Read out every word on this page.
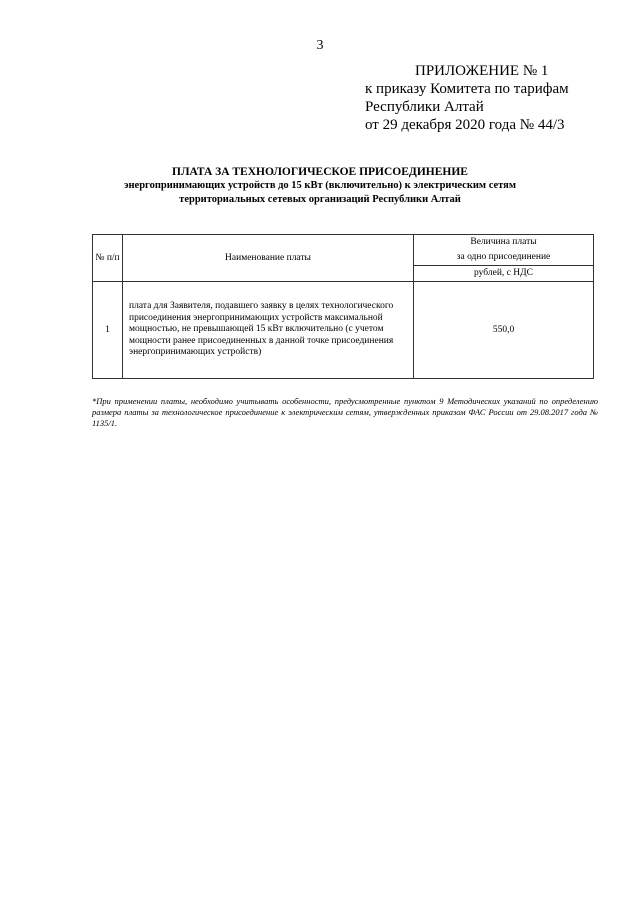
3
ПРИЛОЖЕНИЕ № 1
к приказу Комитета по тарифам
Республики Алтай
от 29 декабря 2020 года № 44/3
ПЛАТА ЗА ТЕХНОЛОГИЧЕСКОЕ ПРИСОЕДИНЕНИЕ
энергопринимающих устройств до 15 кВт (включительно) к электрическим сетям
территориальных сетевых организаций Республики Алтай
№ п/п	Наименование платы	Величина платы
		за одно присоединение
		рублей, с НДС
1	плата для Заявителя, подавшего заявку в целях технологического присоединения энергопринимающих устройств максимальной мощностью, не превышающей 15 кВт включительно (с учетом мощности ранее присоединенных в данной точке присоединения энергопринимающих устройств)	550,0
*При применении платы, необходимо учитывать особенности, предусмотренные пунктом 9 Методических указаний по определению размера платы за технологическое присоединение к электрическим сетям, утвержденных приказом ФАС России от 29.08.2017 года № 1135/1.
